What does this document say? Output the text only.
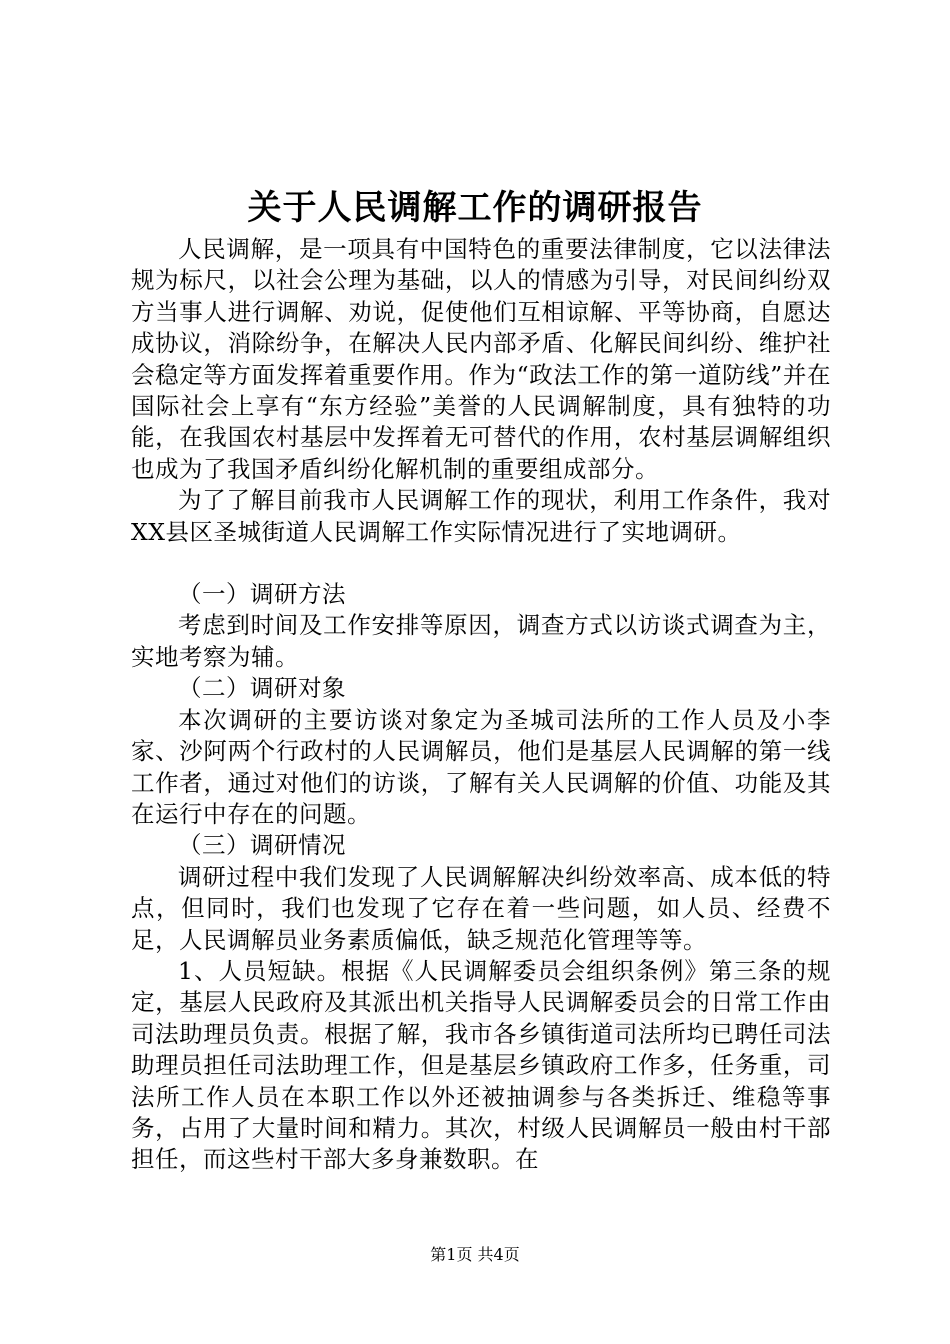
关于人民调解工作的调研报告

人民调解，是一项具有中国特色的重要法律制度，它以法律法规为标尺，以社会公理为基础，以人的情感为引导，对民间纠纷双方当事人进行调解、劝说，促使他们互相谅解、平等协商，自愿达成协议，消除纷争，在解决人民内部矛盾、化解民间纠纷、维护社会稳定等方面发挥着重要作用。作为“政法工作的第一道防线”并在国际社会上享有“东方经验”美誉的人民调解制度，具有独特的功能，在我国农村基层中发挥着无可替代的作用，农村基层调解组织也成为了我国矛盾纠纷化解机制的重要组成部分。

为了了解目前我市人民调解工作的现状，利用工作条件，我对XX县区圣城街道人民调解工作实际情况进行了实地调研。

（一）调研方法

考虑到时间及工作安排等原因，调查方式以访谈式调查为主，实地考察为辅。

（二）调研对象

本次调研的主要访谈对象定为圣城司法所的工作人员及小李家、沙阿两个行政村的人民调解员，他们是基层人民调解的第一线工作者，通过对他们的访谈，了解有关人民调解的价值、功能及其在运行中存在的问题。

（三）调研情况

调研过程中我们发现了人民调解解决纠纷效率高、成本低的特点，但同时，我们也发现了它存在着一些问题，如人员、经费不足，人民调解员业务素质偏低，缺乏规范化管理等等。

1、人员短缺。根据《人民调解委员会组织条例》第三条的规定，基层人民政府及其派出机关指导人民调解委员会的日常工作由司法助理员负责。根据了解，我市各乡镇街道司法所均已聘任司法助理员担任司法助理工作，但是基层乡镇政府工作多，任务重，司法所工作人员在本职工作以外还被抽调参与各类拆迁、维稳等事务，占用了大量时间和精力。其次，村级人民调解员一般由村干部担任，而这些村干部大多身兼数职。在

第1页 共4页
